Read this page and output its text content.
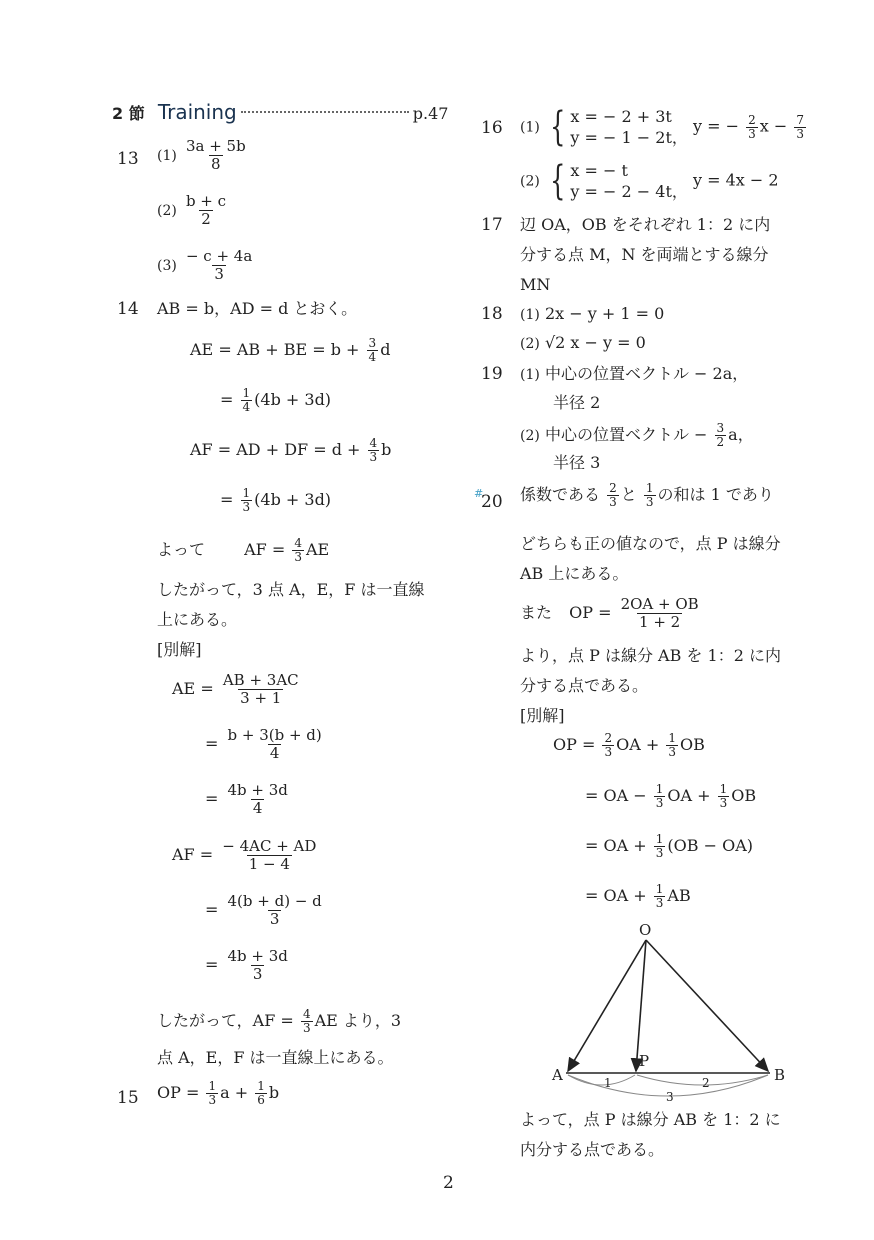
2 節 Training	p.47
13 $(1) \frac{3a + 5b}{8}$
$(2) \frac{b + c}{2}$
$(3) \frac{- c + 4a}{3}$
14 AB = b，AD = d とおく。
AE = AB + BE = $b + \frac{3}{4}$ d
= $\frac{1}{4} (4b + 3d)$
AF = AD + DF = $d + \frac{4}{3}$ b
= $\frac{1}{3} (4b + 3d)$
よって AF = $\frac{4}{3}$ AE
したがって，3 点 A，E，F は一直線
上にある。
[別解]
AE = $\frac{AB + 3AC}{3 + 1}$
= $\frac{b + 3(b + d)}{4}$
= $\frac{4b + 3d}{4}$
AF = $\frac{- 4AC + AD}{1 - 4}$
= $\frac{4(b + d) - d}{3}$
= $\frac{4b + 3d}{3}$
したがって，AF = $\frac{4}{3}$ AE より，3
点 A，E，F は一直線上にある。
15 OP = $\frac{1}{3}$ $a + \frac{1}{6}$ b
16 (1) { x = − 2 + 3t
y = − 1 − 2t，
y = − $\frac{2}{3}$ $x - \frac{7}{3}$
(2) { x = − t
y = − 2 − 4t，
y = 4x − 2
17 辺 OA，OB をそれぞれ 1：2 に内
分する点 M，N を両端とする線分
MN
18 (1) 2x − y + 1 = 0
(2) √2 x − y = 0
19 (1) 中心の位置ベクトル − 2a，
半径 2
(2) 中心の位置ベクトル − $\frac{3}{2}$ a，
半径 3
#
20 係数である $\frac{2}{3}$ と $\frac{1}{3}$ の和は 1 であり
どちらも正の値なので，点 P は線分
AB 上にある。
また OP = $\frac{2OA + OB}{1 + 2}$
より，点 P は線分 AB を 1：2 に内
分する点である。
[別解]
OP = $\frac{2}{3}$ OA + $\frac{1}{3}$ OB
= OA − $\frac{1}{3}$ OA + $\frac{1}{3}$ OB
= OA + $\frac{1}{3} (OB - OA)$
= OA + $\frac{1}{3}$ AB
O
A
P
B
1	2
3
よって，点 P は線分 AB を 1：2 に
内分する点である。
2
